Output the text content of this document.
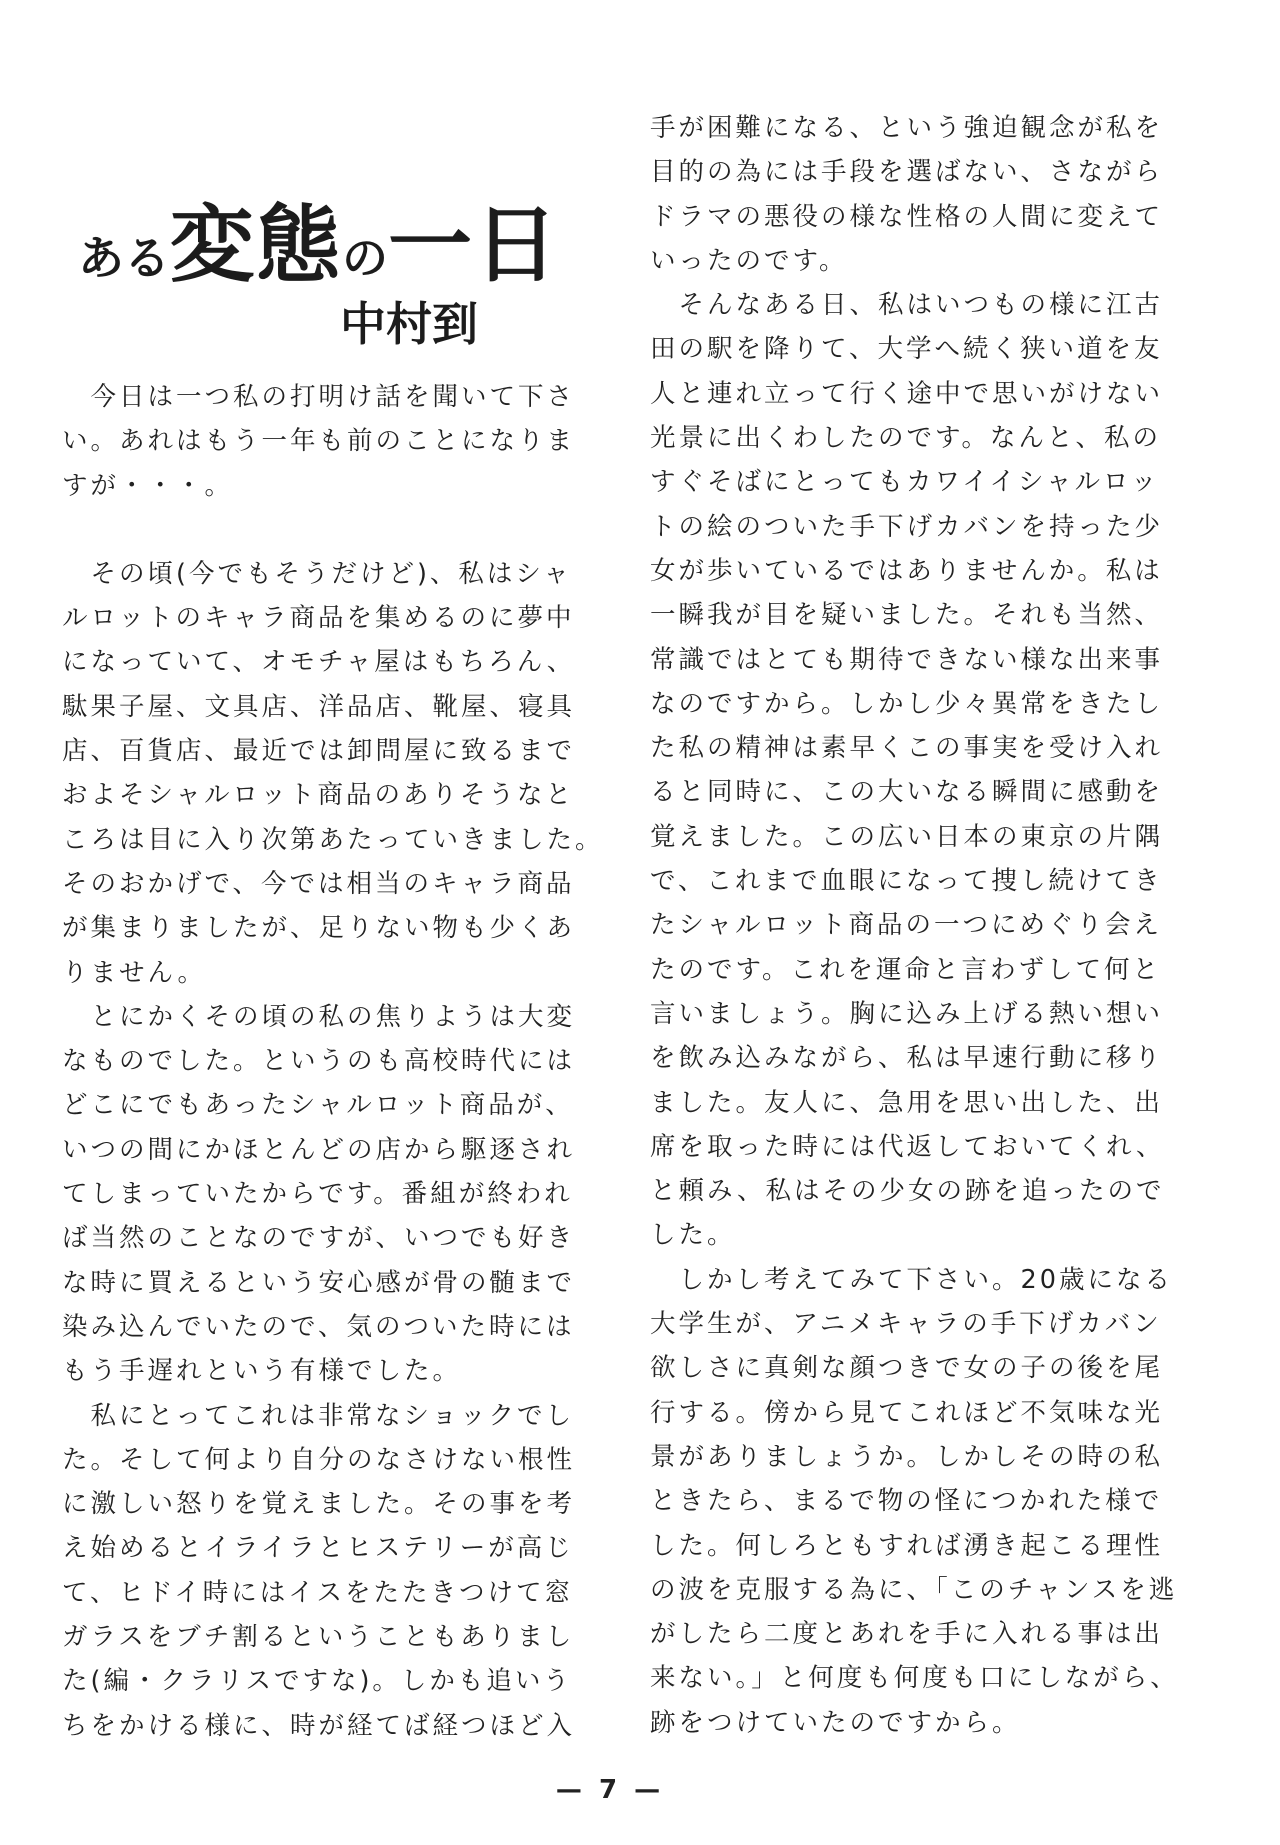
ある変態の一日
中村到

　今日は一つ私の打明け話を聞いて下さ

い。あれはもう一年も前のことになりま

すが・・・。

　その頃(今でもそうだけど)、私はシャ

ルロットのキャラ商品を集めるのに夢中

になっていて、オモチャ屋はもちろん、

駄果子屋、文具店、洋品店、靴屋、寝具

店、百貨店、最近では卸問屋に致るまで

およそシャルロット商品のありそうなと

ころは目に入り次第あたっていきました。

そのおかげで、今では相当のキャラ商品

が集まりましたが、足りない物も少くあ

りません。

　とにかくその頃の私の焦りようは大変

なものでした。というのも高校時代には

どこにでもあったシャルロット商品が、

いつの間にかほとんどの店から駆逐され

てしまっていたからです。番組が終われ

ば当然のことなのですが、いつでも好き

な時に買えるという安心感が骨の髄まで

染み込んでいたので、気のついた時には

もう手遅れという有様でした。

　私にとってこれは非常なショックでし

た。そして何より自分のなさけない根性

に激しい怒りを覚えました。その事を考

え始めるとイライラとヒステリーが高じ

て、ヒドイ時にはイスをたたきつけて窓

ガラスをブチ割るということもありまし

た(編・クラリスですな)。しかも追いう

ちをかける様に、時が経てば経つほど入

手が困難になる、という強迫観念が私を

目的の為には手段を選ばない、さながら

ドラマの悪役の様な性格の人間に変えて

いったのです。

　そんなある日、私はいつもの様に江古

田の駅を降りて、大学へ続く狭い道を友

人と連れ立って行く途中で思いがけない

光景に出くわしたのです。なんと、私の

すぐそばにとってもカワイイシャルロッ

トの絵のついた手下げカバンを持った少

女が歩いているではありませんか。私は

一瞬我が目を疑いました。それも当然、

常識ではとても期待できない様な出来事

なのですから。しかし少々異常をきたし

た私の精神は素早くこの事実を受け入れ

ると同時に、この大いなる瞬間に感動を

覚えました。この広い日本の東京の片隅

で、これまで血眼になって捜し続けてき

たシャルロット商品の一つにめぐり会え

たのです。これを運命と言わずして何と

言いましょう。胸に込み上げる熱い想い

を飲み込みながら、私は早速行動に移り

ました。友人に、急用を思い出した、出

席を取った時には代返しておいてくれ、

と頼み、私はその少女の跡を追ったので

した。

　しかし考えてみて下さい。20歳になる

大学生が、アニメキャラの手下げカバン

欲しさに真剣な顔つきで女の子の後を尾

行する。傍から見てこれほど不気味な光

景がありましょうか。しかしその時の私

ときたら、まるで物の怪につかれた様で

した。何しろともすれば湧き起こる理性

の波を克服する為に、「このチャンスを逃

がしたら二度とあれを手に入れる事は出

来ない。」と何度も何度も口にしながら、

跡をつけていたのですから。

— 7 —
